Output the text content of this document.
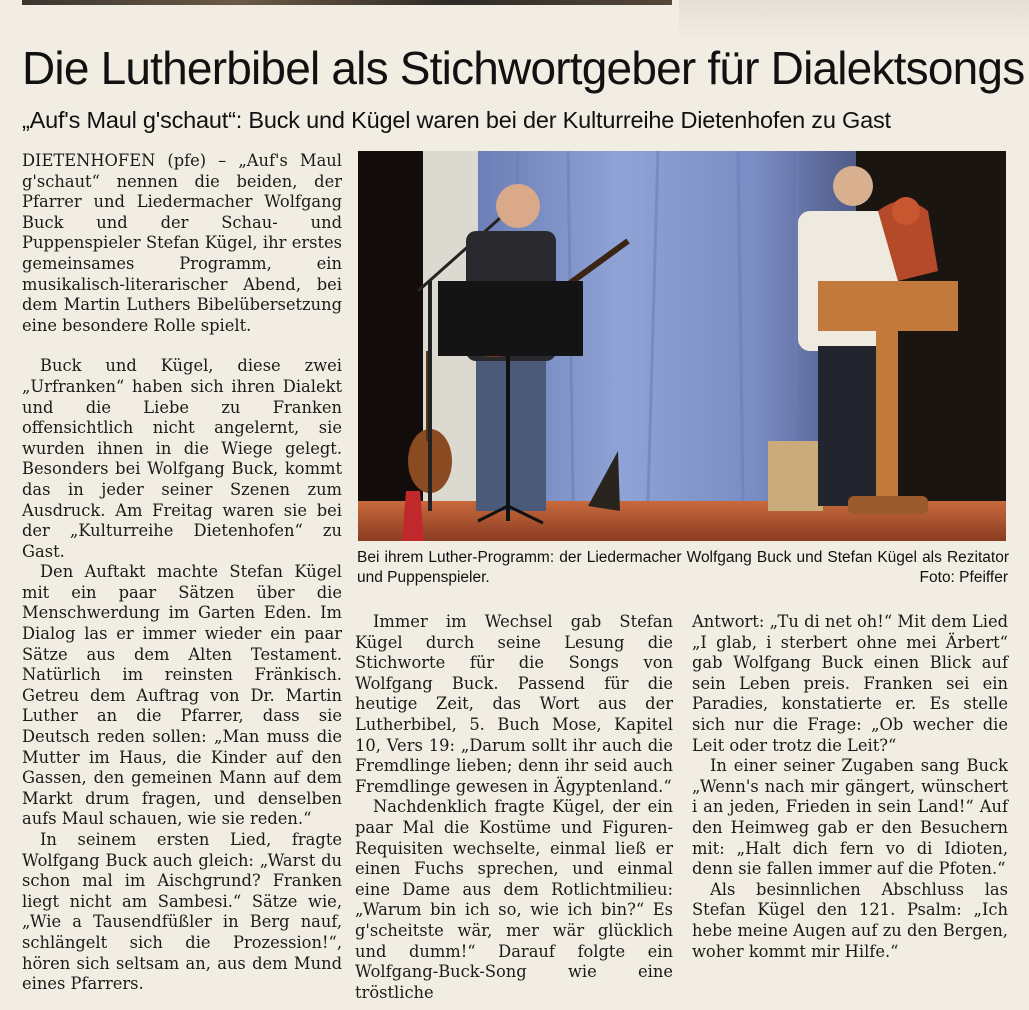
Die Lutherbibel als Stichwortgeber für Dialektsongs
„Auf's Maul g'schaut“: Buck und Kügel waren bei der Kulturreihe Dietenhofen zu Gast

DIETENHOFEN (pfe) – „Auf's Maul g'schaut“ nennen die beiden, der Pfarrer und Liedermacher Wolfgang Buck und der Schau- und Puppenspieler Stefan Kügel, ihr erstes gemeinsames Programm, ein musikalisch-literarischer Abend, bei dem Martin Luthers Bibelübersetzung eine besondere Rolle spielt.

Buck und Kügel, diese zwei „Urfranken“ haben sich ihren Dialekt und die Liebe zu Franken offensichtlich nicht angelernt, sie wurden ihnen in die Wiege gelegt. Besonders bei Wolfgang Buck, kommt das in jeder seiner Szenen zum Ausdruck. Am Freitag waren sie bei der „Kulturreihe Dietenhofen“ zu Gast.

Den Auftakt machte Stefan Kügel mit ein paar Sätzen über die Menschwerdung im Garten Eden. Im Dialog las er immer wieder ein paar Sätze aus dem Alten Testament. Natürlich im reinsten Fränkisch. Getreu dem Auftrag von Dr. Martin Luther an die Pfarrer, dass sie Deutsch reden sollen: „Man muss die Mutter im Haus, die Kinder auf den Gassen, den gemeinen Mann auf dem Markt drum fragen, und denselben aufs Maul schauen, wie sie reden.“

In seinem ersten Lied, fragte Wolfgang Buck auch gleich: „Warst du schon mal im Aischgrund? Franken liegt nicht am Sambesi.“ Sätze wie, „Wie a Tausendfüßler in Berg nauf, schlängelt sich die Prozession!“, hören sich seltsam an, aus dem Mund eines Pfarrers.

Bei ihrem Luther-Programm: der Liedermacher Wolfgang Buck und Stefan Kügel als Rezitator und Puppenspieler.	Foto: Pfeiffer

Immer im Wechsel gab Stefan Kügel durch seine Lesung die Stichworte für die Songs von Wolfgang Buck. Passend für die heutige Zeit, das Wort aus der Lutherbibel, 5. Buch Mose, Kapitel 10, Vers 19: „Darum sollt ihr auch die Fremdlinge lieben; denn ihr seid auch Fremdlinge gewesen in Ägyptenland.“

Nachdenklich fragte Kügel, der ein paar Mal die Kostüme und Figuren-Requisiten wechselte, einmal ließ er einen Fuchs sprechen, und einmal eine Dame aus dem Rotlichtmilieu: „Warum bin ich so, wie ich bin?“ Es g'scheitste wär, mer wär glücklich und dumm!“ Darauf folgte ein Wolfgang-Buck-Song wie eine tröstliche

Antwort: „Tu di net oh!“ Mit dem Lied „I glab, i sterbert ohne mei Ärbert“ gab Wolfgang Buck einen Blick auf sein Leben preis. Franken sei ein Paradies, konstatierte er. Es stelle sich nur die Frage: „Ob wecher die Leit oder trotz die Leit?“

In einer seiner Zugaben sang Buck „Wenn's nach mir gängert, wünschert i an jeden, Frieden in sein Land!“ Auf den Heimweg gab er den Besuchern mit: „Halt dich fern vo di Idioten, denn sie fallen immer auf die Pfoten.“

Als besinnlichen Abschluss las Stefan Kügel den 121. Psalm: „Ich hebe meine Augen auf zu den Bergen, woher kommt mir Hilfe.“
